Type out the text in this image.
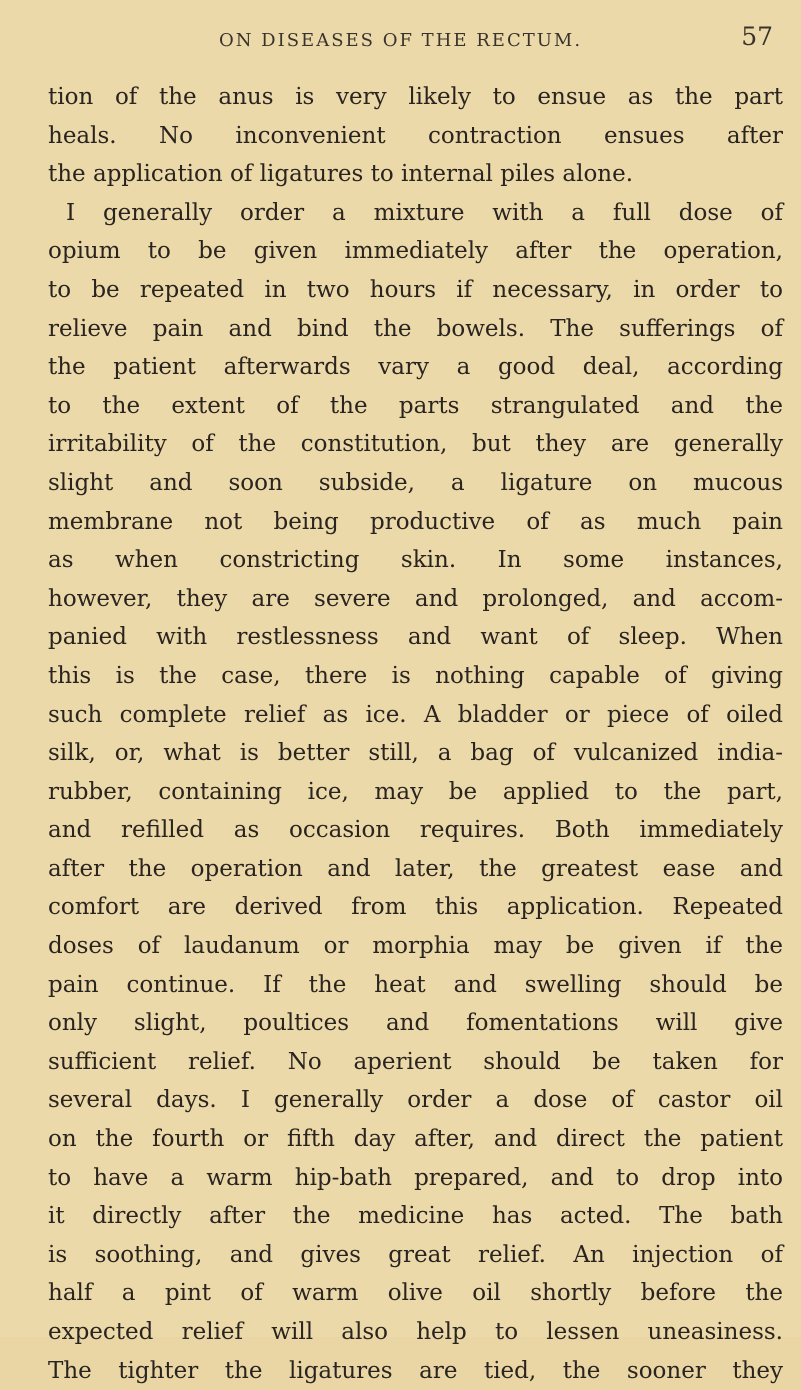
ON DISEASES OF THE RECTUM.	57
tion of the anus is very likely to ensue as the part
heals. No inconvenient contraction ensues after
the application of ligatures to internal piles alone.
I generally order a mixture with a full dose of
opium to be given immediately after the operation,
to be repeated in two hours if necessary, in order to
relieve pain and bind the bowels. The sufferings of
the patient afterwards vary a good deal, according
to the extent of the parts strangulated and the
irritability of the constitution, but they are generally
slight and soon subside, a ligature on mucous
membrane not being productive of as much pain
as when constricting skin. In some instances,
however, they are severe and prolonged, and accom-
panied with restlessness and want of sleep. When
this is the case, there is nothing capable of giving
such complete relief as ice. A bladder or piece of oiled
silk, or, what is better still, a bag of vulcanized india-
rubber, containing ice, may be applied to the part,
and refilled as occasion requires. Both immediately
after the operation and later, the greatest ease and
comfort are derived from this application. Repeated
doses of laudanum or morphia may be given if the
pain continue. If the heat and swelling should be
only slight, poultices and fomentations will give
sufficient relief. No aperient should be taken for
several days. I generally order a dose of castor oil
on the fourth or fifth day after, and direct the patient
to have a warm hip-bath prepared, and to drop into
it directly after the medicine has acted. The bath
is soothing, and gives great relief. An injection of
half a pint of warm olive oil shortly before the
expected relief will also help to lessen uneasiness.
The tighter the ligatures are tied, the sooner they
